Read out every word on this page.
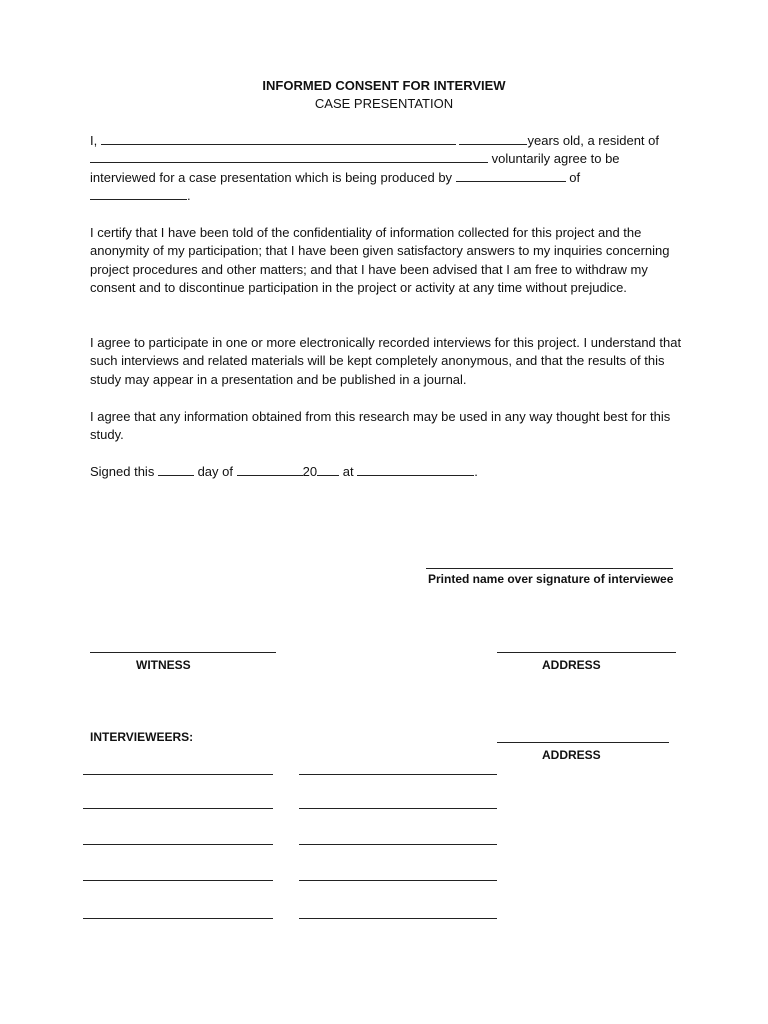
INFORMED CONSENT FOR INTERVIEW
CASE PRESENTATION
I,	years old, a resident of
voluntarily agree to be
interviewed for a case presentation which is being produced by	of
.
I certify that I have been told of the confidentiality of information collected for this project and the anonymity of my participation; that I have been given satisfactory answers to my inquiries concerning project procedures and other matters; and that I have been advised that I am free to withdraw my consent and to discontinue participation in the project or activity at any time without prejudice.
I agree to participate in one or more electronically recorded interviews for this project. I understand that such interviews and related materials will be kept completely anonymous, and that the results of this study may appear in a presentation and be published in a journal.
I agree that any information obtained from this research may be used in any way thought best for this study.
Signed this	day of	20 at	.
Printed name over signature of interviewee
WITNESS	ADDRESS
INTERVIEWEERS:
ADDRESS
